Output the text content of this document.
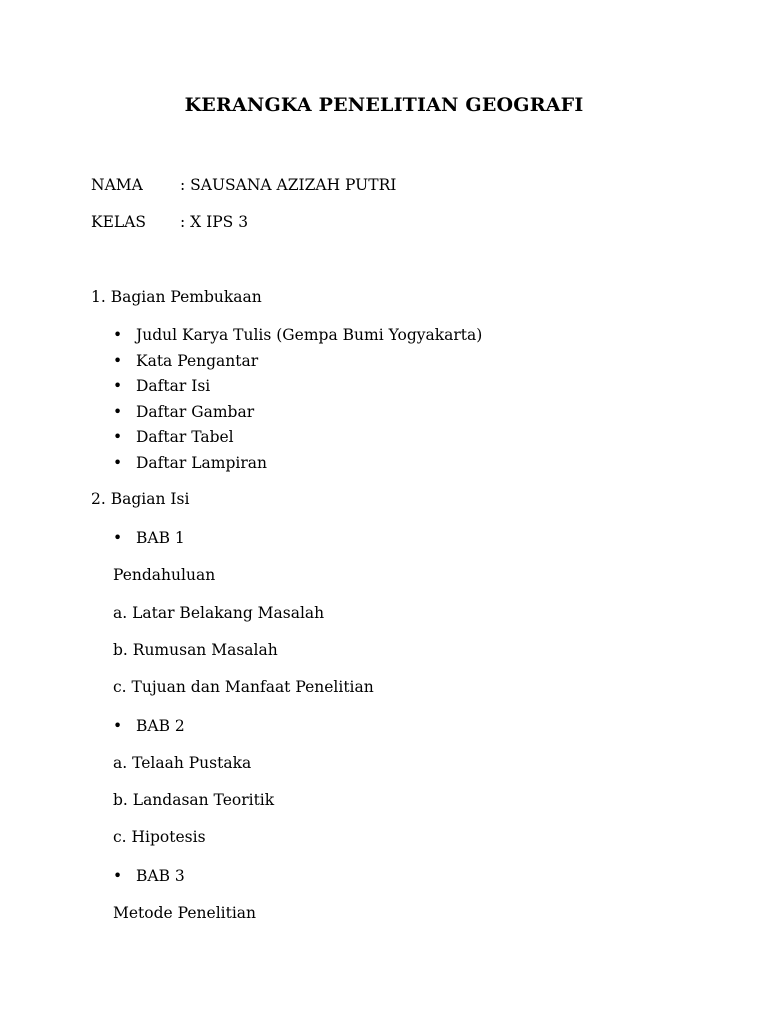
KERANGKA PENELITIAN GEOGRAFI
NAMA : SAUSANA AZIZAH PUTRI
KELAS : X IPS 3
1. Bagian Pembukaan
• Judul Karya Tulis (Gempa Bumi Yogyakarta)
• Kata Pengantar
• Daftar Isi
• Daftar Gambar
• Daftar Tabel
• Daftar Lampiran
2. Bagian Isi
• BAB 1
Pendahuluan
a. Latar Belakang Masalah
b. Rumusan Masalah
c. Tujuan dan Manfaat Penelitian
• BAB 2
a. Telaah Pustaka
b. Landasan Teoritik
c. Hipotesis
• BAB 3
Metode Penelitian
